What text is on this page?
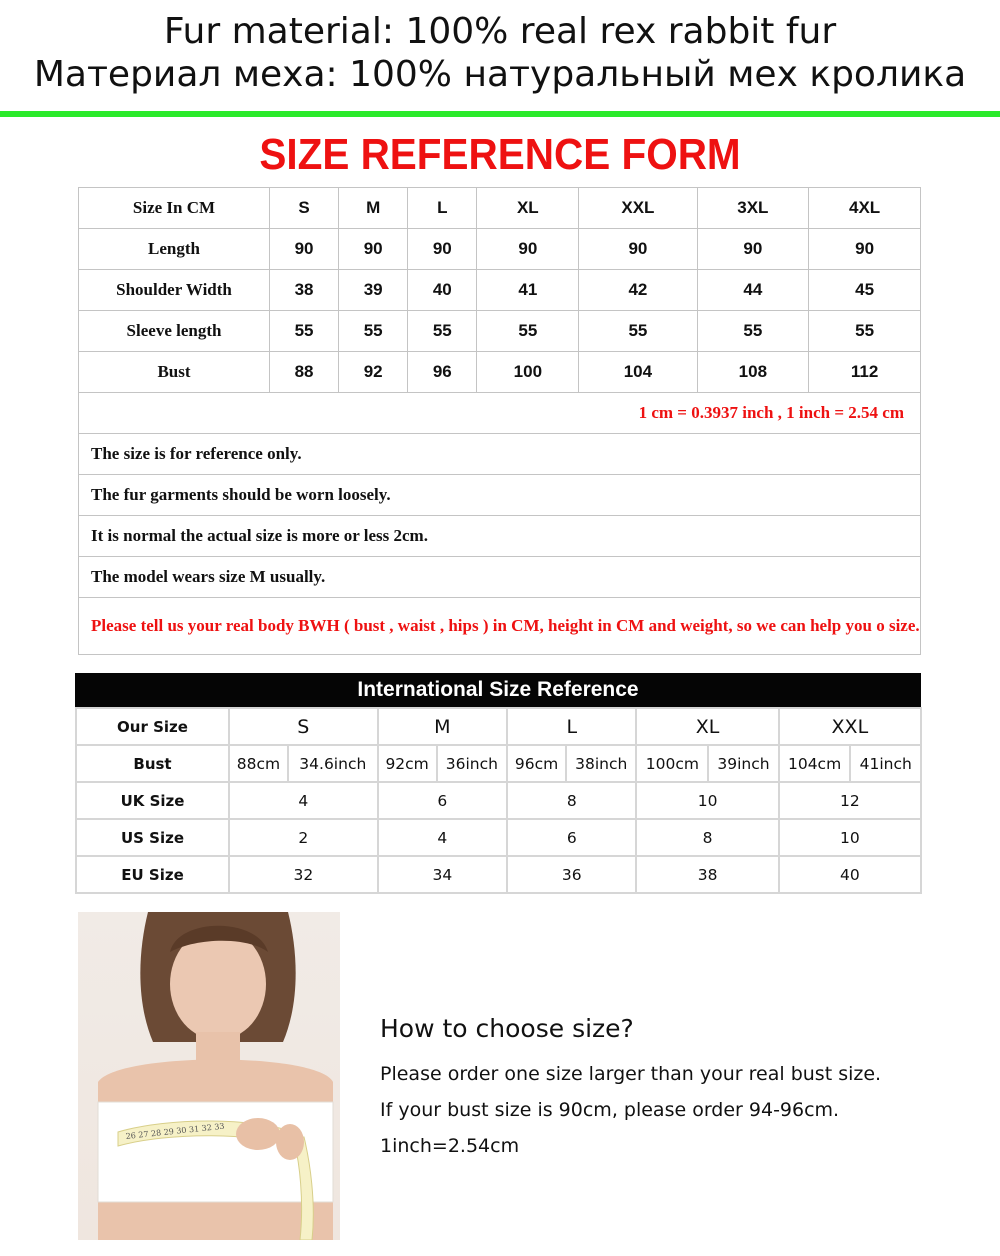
Fur material: 100% real rex rabbit fur
Материал меха: 100% натуральный мех кролика
SIZE REFERENCE FORM
Size In CM	S	M	L	XL	XXL	3XL	4XL
Length	90	90	90	90	90	90	90
Shoulder Width	38	39	40	41	42	44	45
Sleeve length	55	55	55	55	55	55	55
Bust	88	92	96	100	104	108	112
1 cm = 0.3937 inch , 1 inch = 2.54 cm							
The size is for reference only.							
The fur garments should be worn loosely.							
It is normal the actual size is more or less 2cm.							
The model wears size M usually.							
Please tell us your real body BWH ( bust , waist , hips ) in CM, height in CM and weight, so we can help you o size.							
International Size Reference
Our Size	S		M		L		XL		XXL	
Bust	88cm	34.6inch	92cm	36inch	96cm	38inch	100cm	39inch	104cm	41inch
UK Size	4		6		8		10		12	
US Size	2		4		6		8		10	
EU Size	32		34		36		38		40	
26 27 28 29 30 31 32 33
How to choose size?
Please order one size larger than your real bust size.
If your bust size is 90cm, please order 94-96cm.
1inch=2.54cm
